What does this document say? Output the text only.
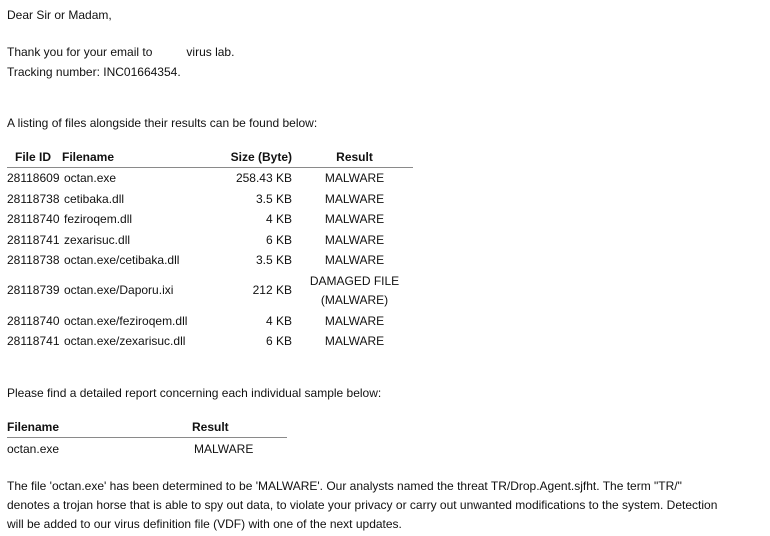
Dear Sir or Madam,

Thank you for your email to	virus lab.

Tracking number: INC01664354.

A listing of files alongside their results can be found below:

File ID	Filename	Size (Byte)	Result
28118609	octan.exe	258.43 KB	MALWARE
28118738	cetibaka.dll	3.5 KB	MALWARE
28118740	feziroqem.dll	4 KB	MALWARE
28118741	zexarisuc.dll	6 KB	MALWARE
28118738	octan.exe/cetibaka.dll	3.5 KB	MALWARE
28118739	octan.exe/Daporu.ixi	212 KB	DAMAGED FILE
(MALWARE)

28118740	octan.exe/feziroqem.dll	4 KB	MALWARE
28118741	octan.exe/zexarisuc.dll	6 KB	MALWARE

Please find a detailed report concerning each individual sample below:

Filename	Result
octan.exe	MALWARE

The file 'octan.exe' has been determined to be 'MALWARE'. Our analysts named the threat TR/Drop.Agent.sjfht. The term "TR/" denotes a trojan horse that is able to spy out data, to violate your privacy or carry out unwanted modifications to the system. Detection will be added to our virus definition file (VDF) with one of the next updates.
